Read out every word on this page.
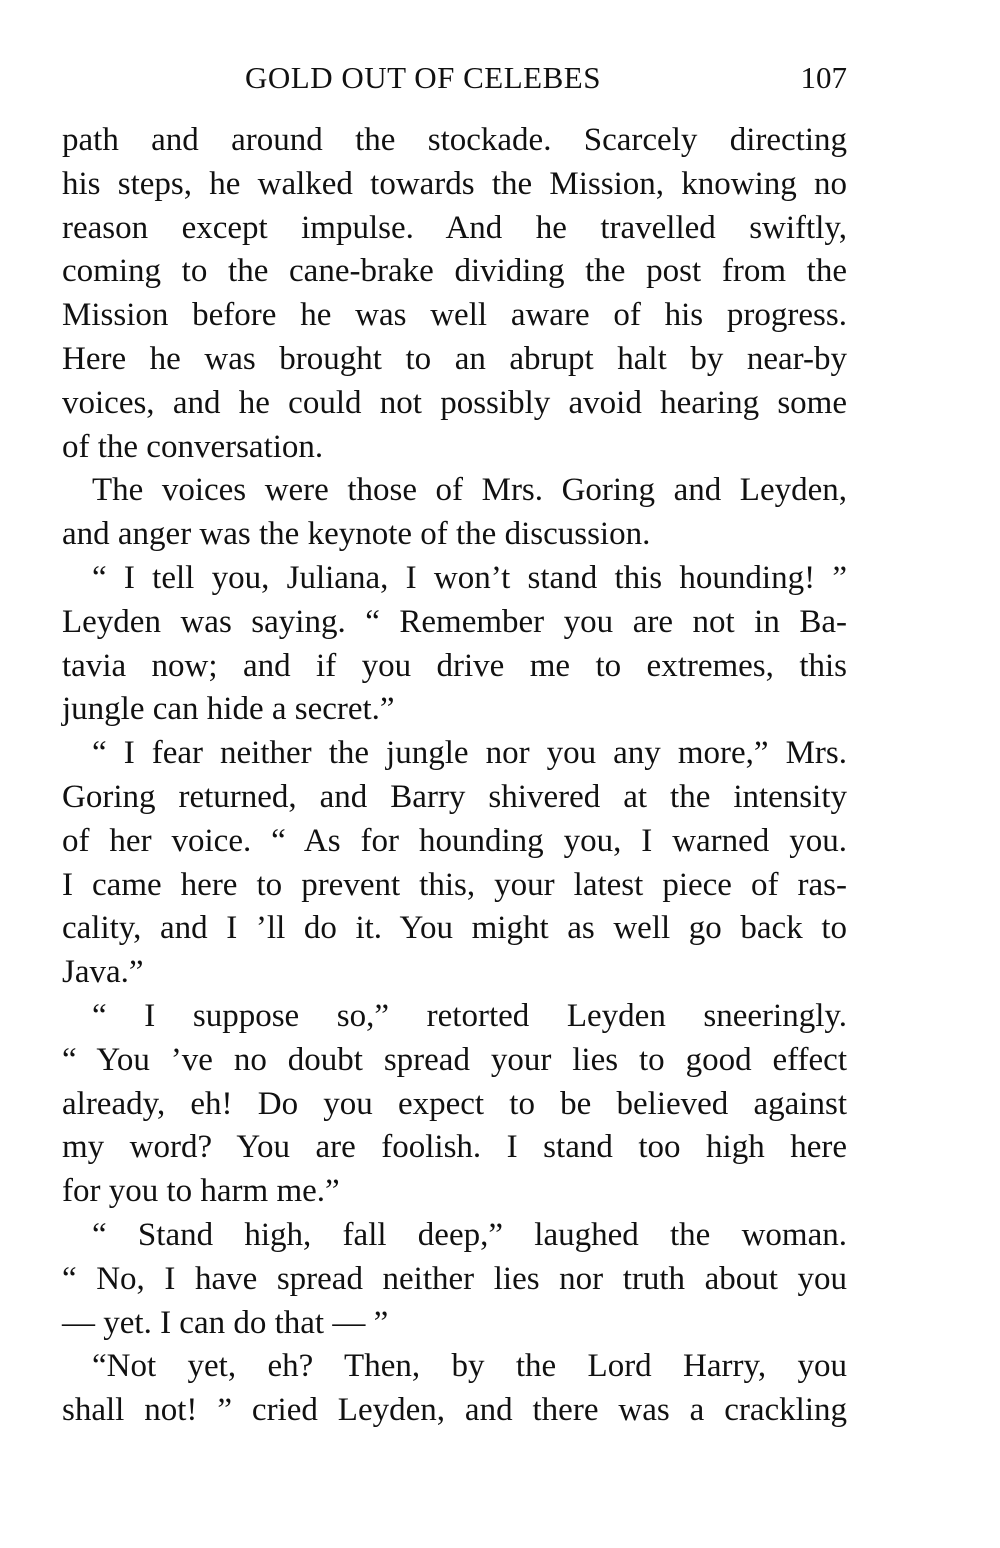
GOLD OUT OF CELEBES	107
path and around the stockade. Scarcely directing
his steps, he walked towards the Mission, knowing no
reason except impulse. And he travelled swiftly,
coming to the cane-brake dividing the post from the
Mission before he was well aware of his progress.
Here he was brought to an abrupt halt by near-by
voices, and he could not possibly avoid hearing some
of the conversation.
The voices were those of Mrs. Goring and Leyden,
and anger was the keynote of the discussion.
“ I tell you, Juliana, I won’t stand this hounding! ”
Leyden was saying. “ Remember you are not in Ba-
tavia now; and if you drive me to extremes, this
jungle can hide a secret.”
“ I fear neither the jungle nor you any more,” Mrs.
Goring returned, and Barry shivered at the intensity
of her voice. “ As for hounding you, I warned you.
I came here to prevent this, your latest piece of ras-
cality, and I ’ll do it. You might as well go back to
Java.”
“ I suppose so,” retorted Leyden sneeringly.
“ You ’ve no doubt spread your lies to good effect
already, eh! Do you expect to be believed against
my word? You are foolish. I stand too high here
for you to harm me.”
“ Stand high, fall deep,” laughed the woman.
“ No, I have spread neither lies nor truth about you
— yet. I can do that — ”
“Not yet, eh? Then, by the Lord Harry, you
shall not! ” cried Leyden, and there was a crackling
